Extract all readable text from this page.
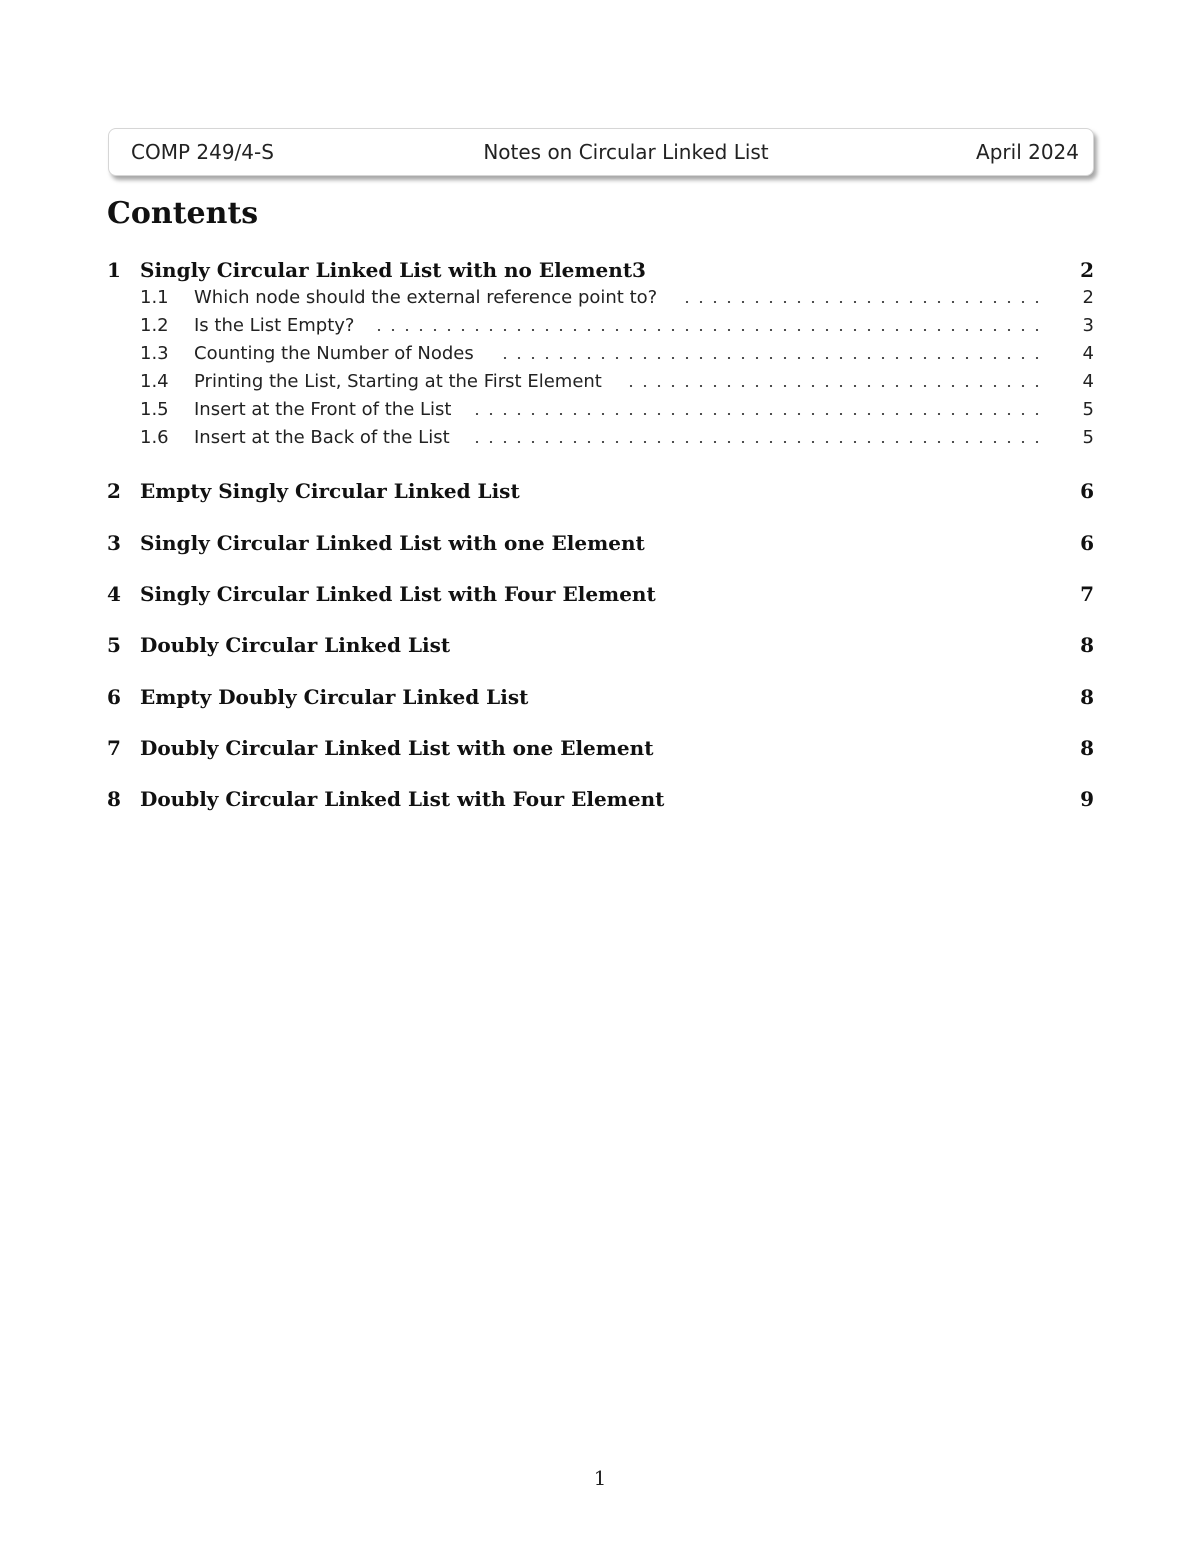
COMP 249/4-S	Notes on Circular Linked List	April 2024
Contents
1 Singly Circular Linked List with no Element3	2
1.1 Which node should the external reference point to?	2
1.2 Is the List Empty?	3
1.3 Counting the Number of Nodes	4
1.4 Printing the List, Starting at the First Element	4
1.5 Insert at the Front of the List	5
1.6 Insert at the Back of the List	5
2 Empty Singly Circular Linked List	6
3 Singly Circular Linked List with one Element	6
4 Singly Circular Linked List with Four Element	7
5 Doubly Circular Linked List	8
6 Empty Doubly Circular Linked List	8
7 Doubly Circular Linked List with one Element	8
8 Doubly Circular Linked List with Four Element	9
1
